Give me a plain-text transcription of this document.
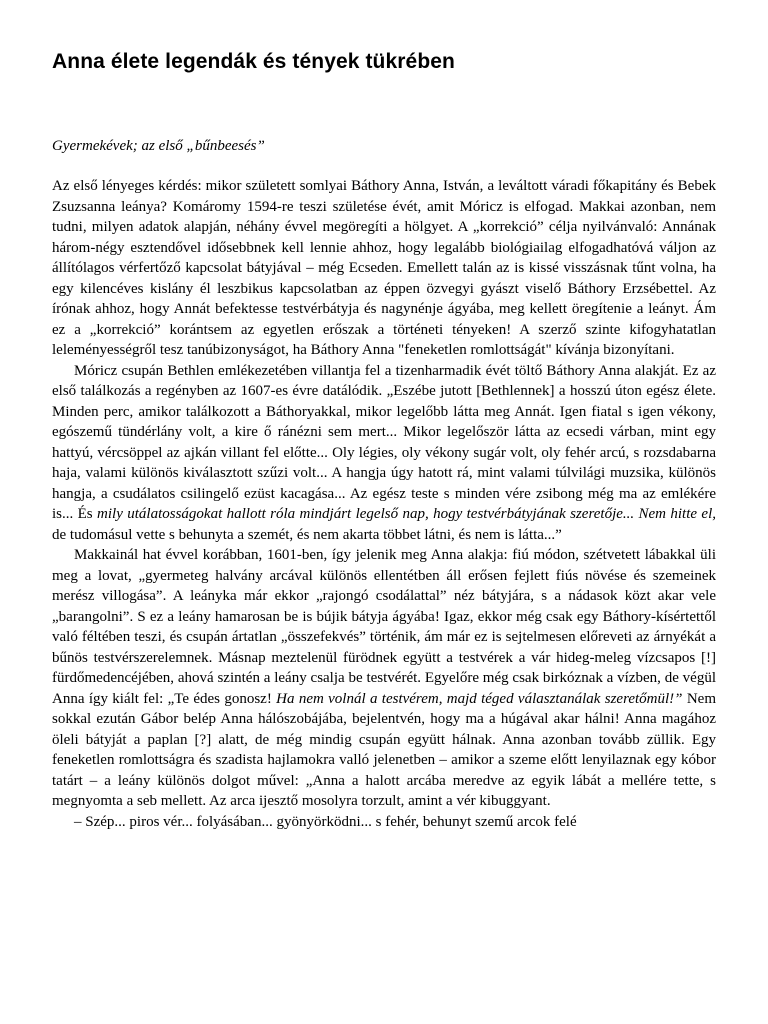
Anna élete legendák és tények tükrében
Gyermekévek; az első „bűnbeesés”

Az első lényeges kérdés: mikor született somlyai Báthory Anna, István, a leváltott váradi főkapitány és Bebek Zsuzsanna leánya? Komáromy 1594-re teszi születése évét, amit Móricz is elfogad. Makkai azonban, nem tudni, milyen adatok alapján, néhány évvel megöregíti a hölgyet. A „korrekció” célja nyilvánvaló: Annának három-négy esztendővel idősebbnek kell lennie ahhoz, hogy legalább biológiailag elfogadhatóvá váljon az állítólagos vérfertőző kapcsolat bátyjával – még Ecseden. Emellett talán az is kissé visszásnak tűnt volna, ha egy kilencéves kislány él leszbikus kapcsolatban az éppen özvegyi gyászt viselő Báthory Erzsébettel. Az írónak ahhoz, hogy Annát befektesse testvérbátyja és nagynénje ágyába, meg kellett öregítenie a leányt. Ám ez a „korrekció” korántsem az egyetlen erőszak a történeti tényeken! A szerző szinte kifogyhatatlan leleményességről tesz tanúbizonyságot, ha Báthory Anna "feneketlen romlottságát" kívánja bizonyítani.

Móricz csupán Bethlen emlékezetében villantja fel a tizenharmadik évét töltő Báthory Anna alakját. Ez az első találkozás a regényben az 1607-es évre datálódik. „Eszébe jutott [Bethlennek] a hosszú úton egész élete. Minden perc, amikor találkozott a Báthoryakkal, mikor legelőbb látta meg Annát. Igen fiatal s igen vékony, egószemű tündérlány volt, a kire ő ránézni sem mert... Mikor legelőször látta az ecsedi várban, mint egy hattyú, vércsöppel az ajkán villant fel előtte... Oly légies, oly vékony sugár volt, oly fehér arcú, s rozsdabarna haja, valami különös kiválasztott szűzi volt... A hangja úgy hatott rá, mint valami túlvilági muzsika, különös hangja, a csudálatos csilingelő ezüst kacagása... Az egész teste s minden vére zsibong még ma az emlékére is... És mily utálatosságokat hallott róla mindjárt legelső nap, hogy testvérbátyjának szeretője... Nem hitte el, de tudomásul vette s behunyta a szemét, és nem akarta többet látni, és nem is látta...”

Makkainál hat évvel korábban, 1601-ben, így jelenik meg Anna alakja: fiú módon, szétvetett lábakkal üli meg a lovat, „gyermeteg halvány arcával különös ellentétben áll erősen fejlett fiús növése és szemeinek merész villogása”. A leányka már ekkor „rajongó csodálattal” néz bátyjára, s a nádasok közt akar vele „barangolni”. S ez a leány hamarosan be is bújik bátyja ágyába! Igaz, ekkor még csak egy Báthory-kísértettől való féltében teszi, és csupán ártatlan „összefekvés” történik, ám már ez is sejtelmesen előreveti az árnyékát a bűnös testvérszerelemnek. Másnap meztelenül fürödnek együtt a testvérek a vár hideg-meleg vízcsapos [!] fürdőmedencéjében, ahová szintén a leány csalja be testvérét. Egyelőre még csak birkóznak a vízben, de végül Anna így kiált fel: „Te édes gonosz! Ha nem volnál a testvérem, majd téged választanálak szeretőmül!” Nem sokkal ezután Gábor belép Anna hálószobájába, bejelentvén, hogy ma a húgával akar hálni! Anna magához öleli bátyját a paplan [?] alatt, de még mindig csupán együtt hálnak. Anna azonban tovább züllik. Egy feneketlen romlottságra és szadista hajlamokra valló jelenetben – amikor a szeme előtt lenyilaznak egy kóbor tatárt – a leány különös dolgot művel: „Anna a halott arcába meredve az egyik lábát a mellére tette, s megnyomta a seb mellett. Az arca ijesztő mosolyra torzult, amint a vér kibuggyant.

– Szép... piros vér... folyásában... gyönyörködni... s fehér, behunyt szemű arcok felé
